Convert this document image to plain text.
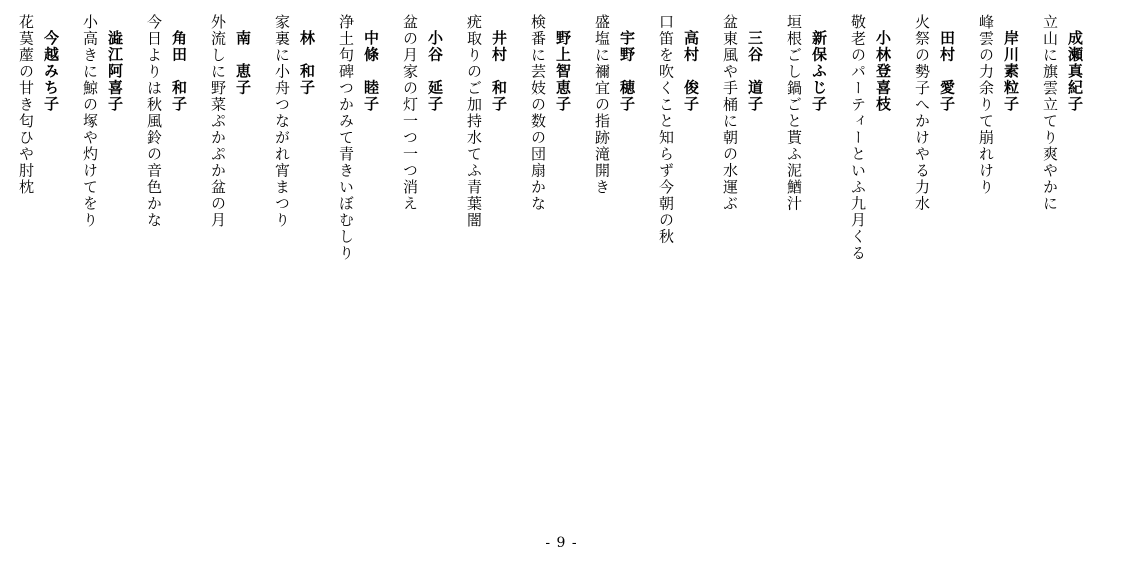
成瀬真紀子
立山に旗雲立てり爽やかに
岸川素粒子
峰雲の力余りて崩れけり
田村　愛子
火祭の勢子へかけやる力水
小林登喜枝
敬老のパーティーといふ九月くる
新保ふじ子
垣根ごし鍋ごと貰ふ泥鰌汁
三谷　道子
盆東風や手桶に朝の水運ぶ
高村　俊子
口笛を吹くこと知らず今朝の秋
宇野　穂子
盛塩に禰宜の指跡滝開き
野上智恵子
検番に芸妓の数の団扇かな
井村　和子
疣取りのご加持水てふ青葉闇
小谷　延子
盆の月家の灯一つ一つ消え
中條　睦子
浄土句碑つかみて青きいぼむしり
林　和子
家裏に小舟つながれ宵まつり
南　恵子
外流しに野菜ぷかぷか盆の月
角田　和子
今日よりは秋風鈴の音色かな
澁江阿喜子
小高きに鯨の塚や灼けてをり
今越みち子
花茣蓙の甘き匂ひや肘枕
- 9 -
